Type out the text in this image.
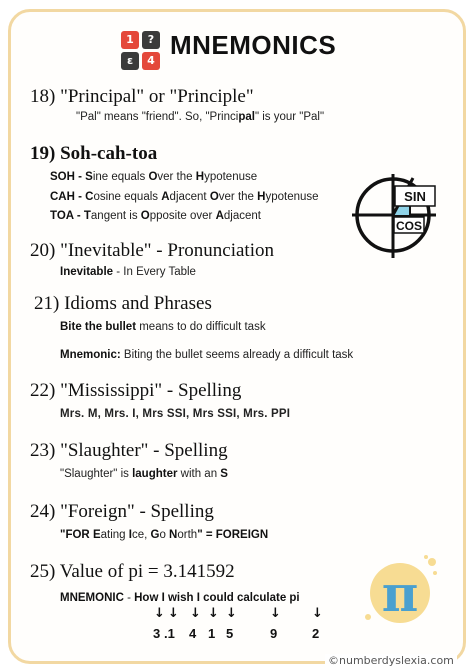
1	?
ε	4
MNEMONICS
18) "Principal" or "Principle"
"Pal" means "friend". So, "Principal" is your "Pal"
19) Soh-cah-toa
SOH - Sine equals Over the Hypotenuse
CAH - Cosine equals Adjacent Over the Hypotenuse
TOA - Tangent is Opposite over Adjacent
SIN
COS
20) "Inevitable" - Pronunciation
Inevitable - In Every Table
21) Idioms and Phrases
Bite the bullet means to do difficult task
Mnemonic: Biting the bullet seems already a difficult task
22) "Mississippi" - Spelling
Mrs. M, Mrs. I, Mrs SSI, Mrs SSI, Mrs. PPI
23) "Slaughter" - Spelling
"Slaughter" is laughter with an S
24) "Foreign" - Spelling
"FOR Eating Ice, Go North" = FOREIGN
25) Value of pi = 3.141592
MNEMONIC - How I wish I could calculate pi
↓ ↓ ↓ ↓ ↓	↓ ↓
3 .1 4 1 5	9	2
π
©numberdyslexia.com
